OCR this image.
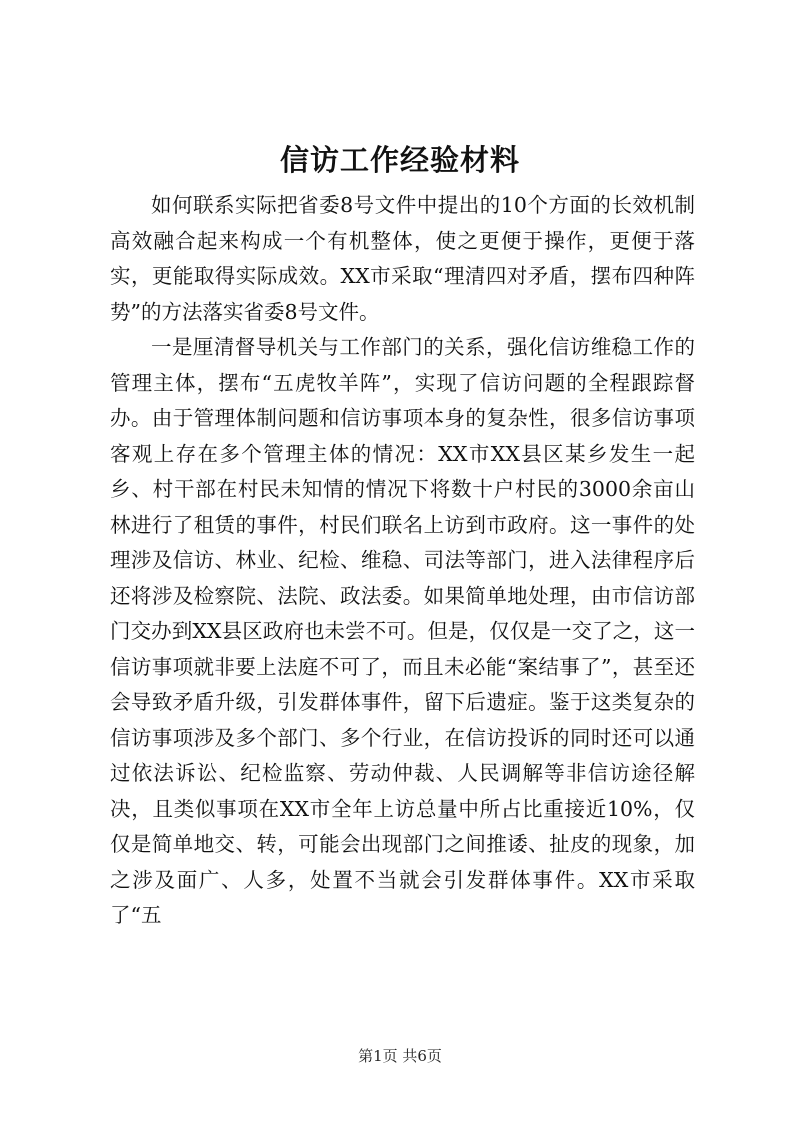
信访工作经验材料

如何联系实际把省委8号文件中提出的10个方面的长效机制高效融合起来构成一个有机整体，使之更便于操作，更便于落实，更能取得实际成效。XX市采取“理清四对矛盾，摆布四种阵势”的方法落实省委8号文件。

一是厘清督导机关与工作部门的关系，强化信访维稳工作的管理主体，摆布“五虎牧羊阵”，实现了信访问题的全程跟踪督办。由于管理体制问题和信访事项本身的复杂性，很多信访事项客观上存在多个管理主体的情况：XX市XX县区某乡发生一起乡、村干部在村民未知情的情况下将数十户村民的3000余亩山林进行了租赁的事件，村民们联名上访到市政府。这一事件的处理涉及信访、林业、纪检、维稳、司法等部门，进入法律程序后还将涉及检察院、法院、政法委。如果简单地处理，由市信访部门交办到XX县区政府也未尝不可。但是，仅仅是一交了之，这一信访事项就非要上法庭不可了，而且未必能“案结事了”，甚至还会导致矛盾升级，引发群体事件，留下后遗症。鉴于这类复杂的信访事项涉及多个部门、多个行业，在信访投诉的同时还可以通过依法诉讼、纪检监察、劳动仲裁、人民调解等非信访途径解决，且类似事项在XX市全年上访总量中所占比重接近10%，仅仅是简单地交、转，可能会出现部门之间推诿、扯皮的现象，加之涉及面广、人多，处置不当就会引发群体事件。XX市采取了“五

第1页 共6页
